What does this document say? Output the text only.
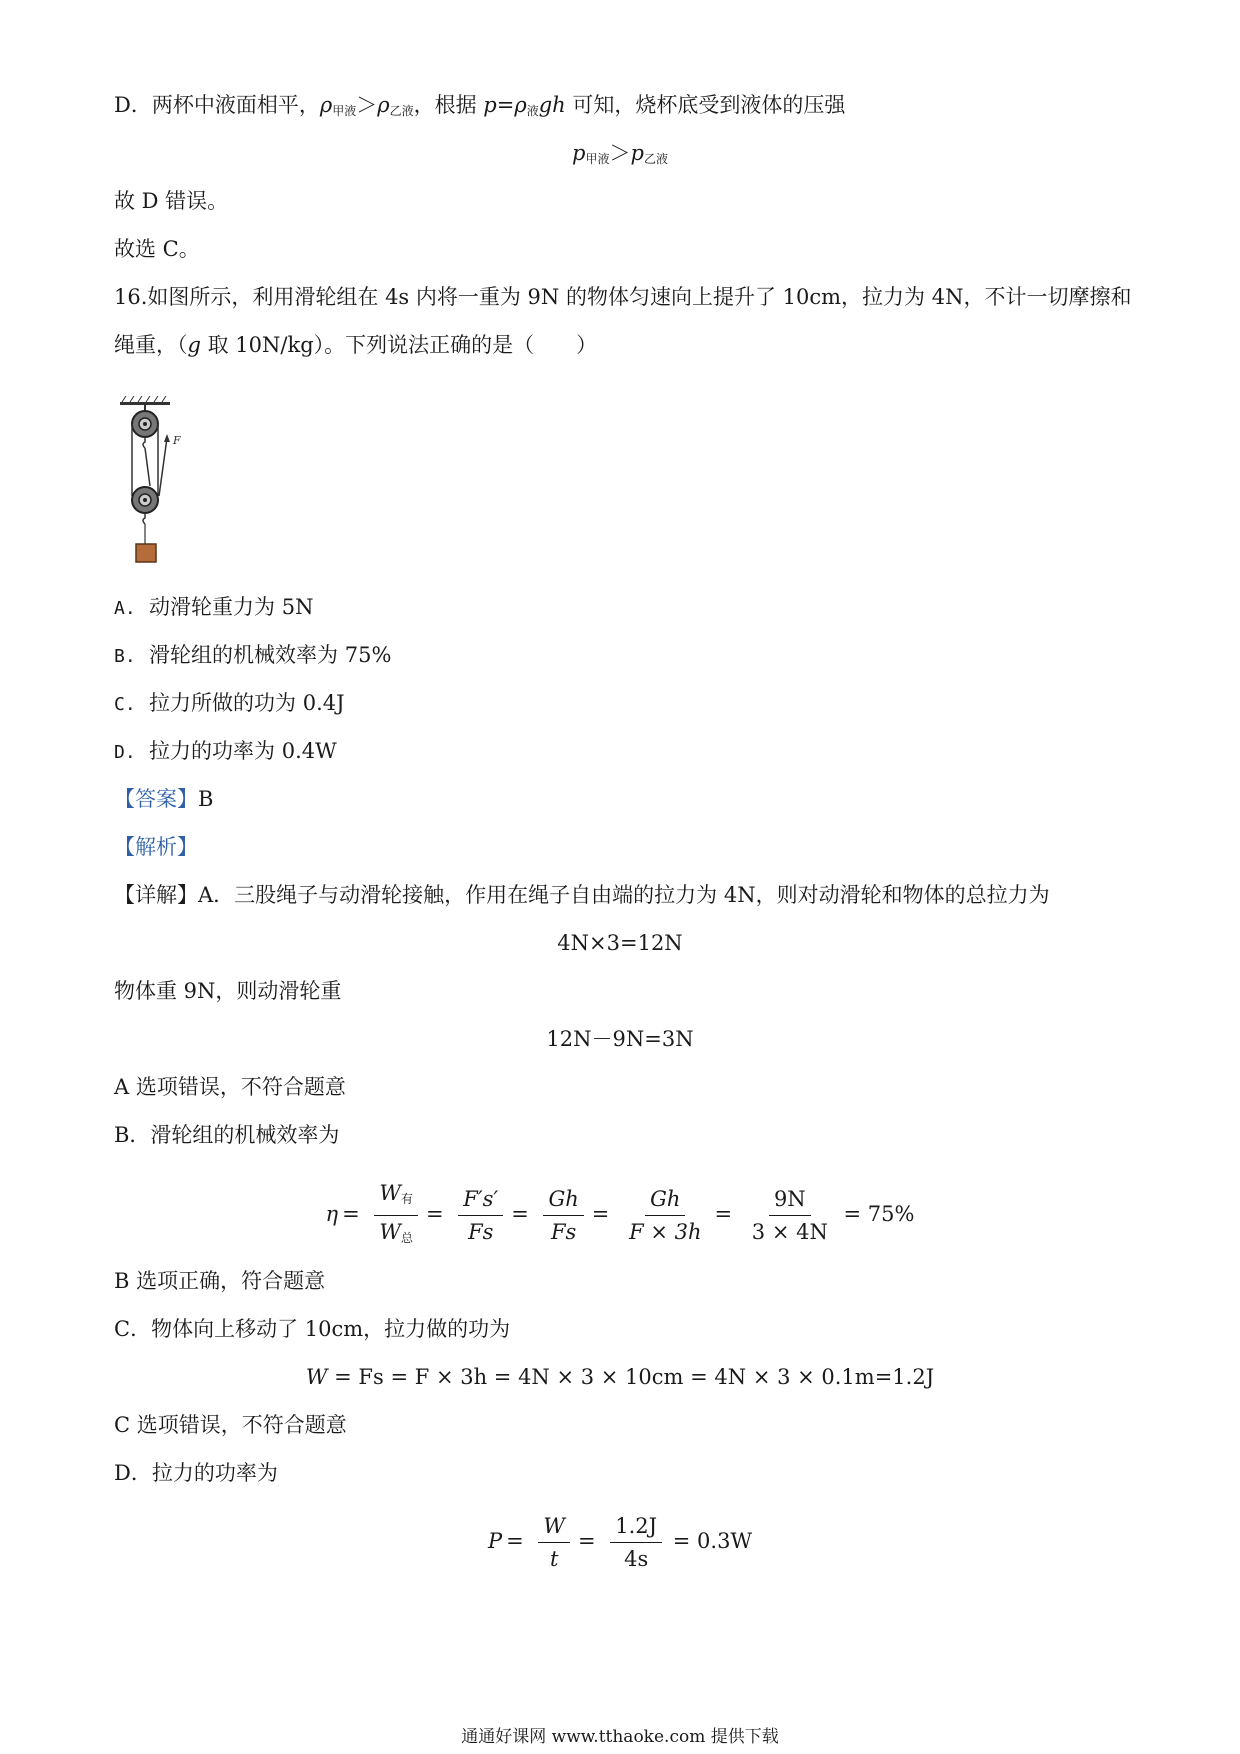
D．两杯中液面相平，$\rho_{甲液}>\rho_{乙液}$，根据 $p=\rho_液gh$ 可知，烧杯底受到液体的压强
$p_{甲液}>p_{乙液}$
故 D 错误。
故选 C。
16.如图所示，利用滑轮组在 4s 内将一重为 9N 的物体匀速向上提升了 10cm，拉力为 4N，不计一切摩擦和
绳重，（g 取 10N/kg）。下列说法正确的是（　　）
F
A. 动滑轮重力为 5N
B. 滑轮组的机械效率为 75%
C. 拉力所做的功为 0.4J
D. 拉力的功率为 0.4W
【答案】B
【解析】
【详解】A．三股绳子与动滑轮接触，作用在绳子自由端的拉力为 4N，则对动滑轮和物体的总拉力为
4N×3=12N
物体重 9N，则动滑轮重
12N－9N=3N
A 选项错误，不符合题意
B．滑轮组的机械效率为
$\eta = \frac{W_有}{W_总} = \frac{F's'}{Fs} = \frac{Gh}{Fs} = \frac{Gh}{F \times 3h} = \frac{9N}{3 \times 4N} = 75\%$
B 选项正确，符合题意
C．物体向上移动了 10cm，拉力做的功为
W = Fs = F × 3h = 4N × 3 × 10cm = 4N × 3 × 0.1m=1.2J
C 选项错误，不符合题意
D．拉力的功率为
$P = \frac{W}{t} = \frac{1.2J}{4s} = 0.3W$
通通好课网 www.tthaoke.com 提供下载
